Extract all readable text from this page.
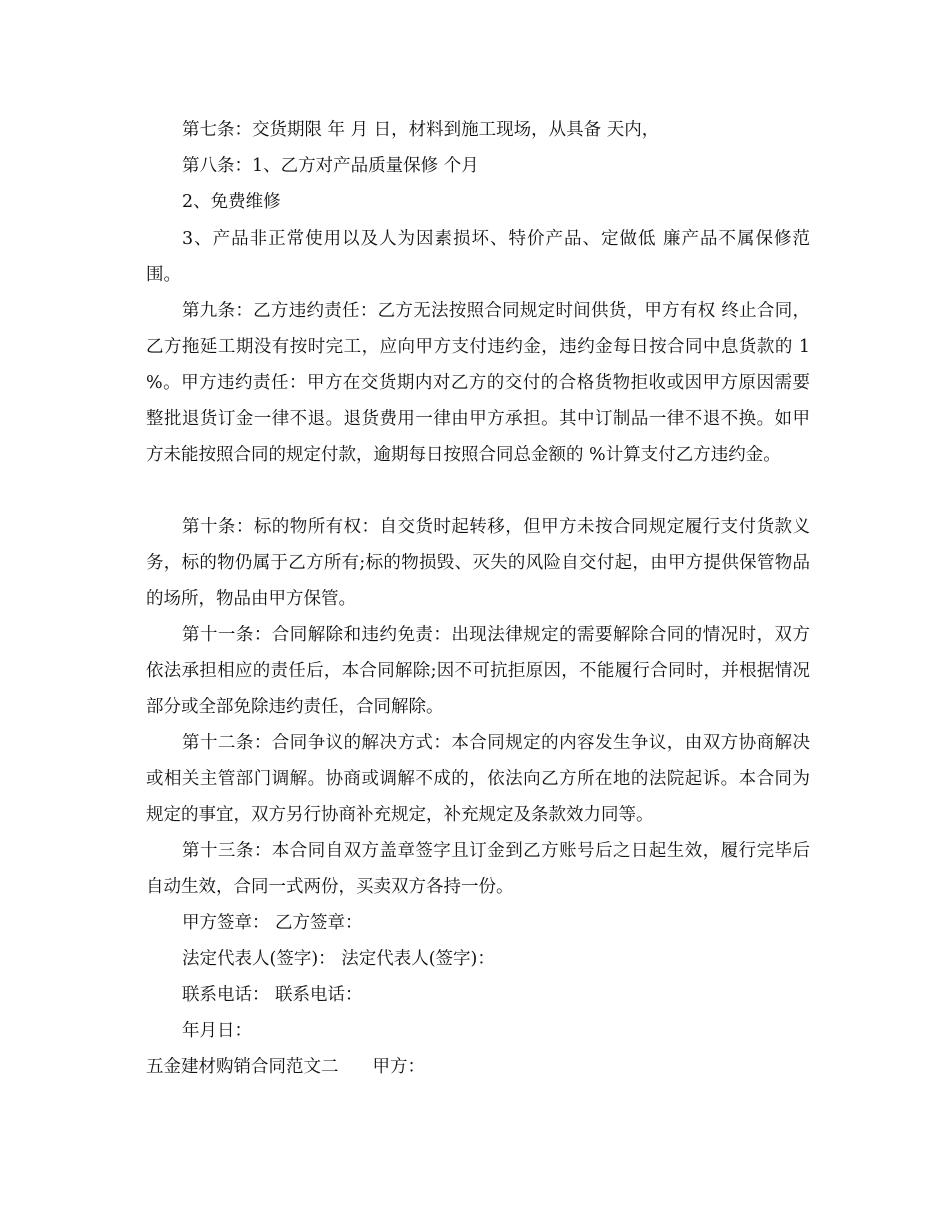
第七条：交货期限 年 月 日，材料到施工现场，从具备 天内，

第八条：1、乙方对产品质量保修 个月

2、免费维修

3、产品非正常使用以及人为因素损坏、特价产品、定做低 廉产品不属保修范围。

第九条：乙方违约责任：乙方无法按照合同规定时间供货，甲方有权 终止合同，乙方拖延工期没有按时完工，应向甲方支付违约金，违约金每日按合同中息货款的 1 %。甲方违约责任：甲方在交货期内对乙方的交付的合格货物拒收或因甲方原因需要整批退货订金一律不退。退货费用一律由甲方承担。其中订制品一律不退不换。如甲方未能按照合同的规定付款，逾期每日按照合同总金额的 %计算支付乙方违约金。

第十条：标的物所有权：自交货时起转移，但甲方未按合同规定履行支付货款义务，标的物仍属于乙方所有;标的物损毁、灭失的风险自交付起，由甲方提供保管物品的场所，物品由甲方保管。

第十一条：合同解除和违约免责：出现法律规定的需要解除合同的情况时，双方依法承担相应的责任后，本合同解除;因不可抗拒原因，不能履行合同时，并根据情况部分或全部免除违约责任，合同解除。

第十二条：合同争议的解决方式：本合同规定的内容发生争议，由双方协商解决或相关主管部门调解。协商或调解不成的，依法向乙方所在地的法院起诉。本合同为规定的事宜，双方另行协商补充规定，补充规定及条款效力同等。

第十三条：本合同自双方盖章签字且订金到乙方账号后之日起生效，履行完毕后自动生效，合同一式两份，买卖双方各持一份。

甲方签章： 乙方签章：

法定代表人(签字)： 法定代表人(签字)：

联系电话： 联系电话：

年月日：

五金建材购销合同范文二 甲方：
